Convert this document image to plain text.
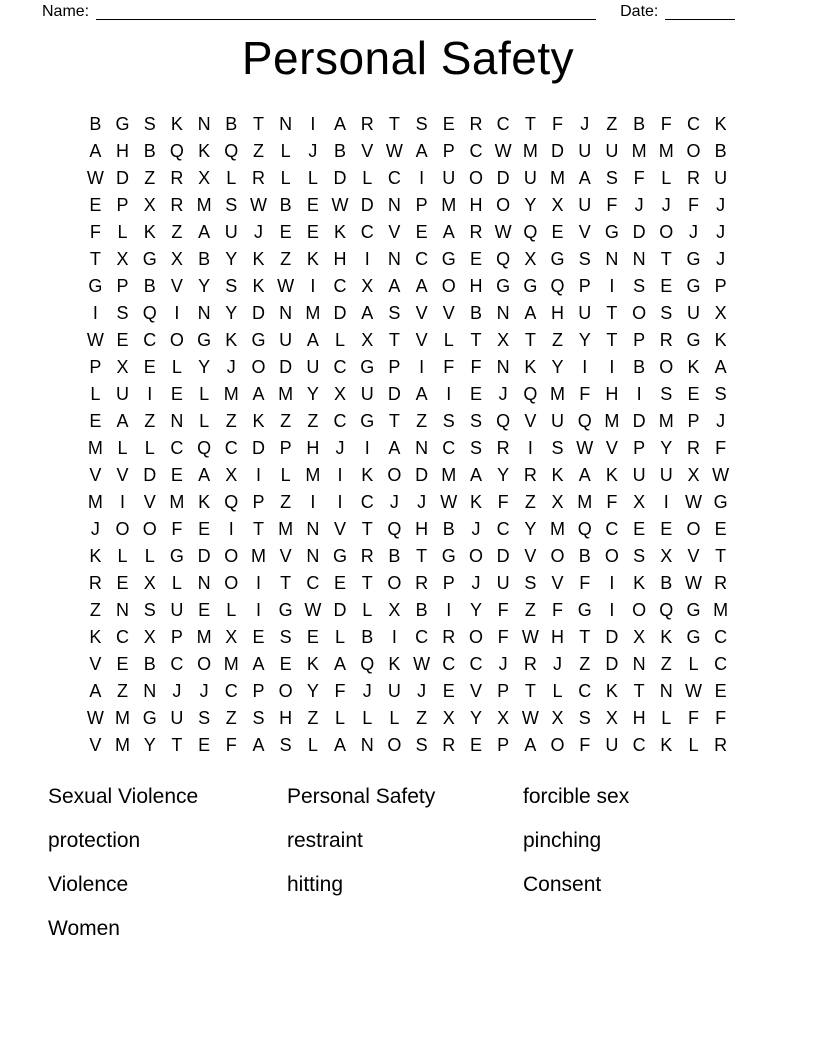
Name:	Date:
Personal Safety
B G S K N B T N	I	A R T S E R C T F J Z B F C K
A H B Q K Q Z L J B V W A P C W M D U U M M O B
W D Z R X L R L L D L C	I	U O D U M A S F L R U
E P X R M S W B E W D N P M H O Y X U F J	J F J
F L K Z A U J E E K C V E A R W Q E V G D O J	J
T X G X B Y K Z K H	I	N C G E Q X G S N N T G J
G P B V Y S K W I	C X A A O H G G Q P	I	S E G P
I	S Q I	N Y D N M D A S V V B N A H U T O S U X
W E C O G K G U A L X T V L T X T Z Y T P R G K
P X E L Y J O D U C G P	I	F F N K Y	I	I	B O K A
L U	I	E L M A M Y X U D A	I	E J Q M F H	I	S E S
E A Z N L Z K Z Z C G T Z S S Q V U Q M D M P J
M L L C Q C D P H J	I	A N C S R	I	S W V P Y R F
V V D E A X	I	L M I	K O D M A Y R K A K U U X W
M I	V M K Q P Z	I	I	C J	J W K F Z X M F X	I W G
J O O F E	I	T M N V T Q H B J C Y M Q C E E O E
K L L G D O M V N G R B T G O D V O B O S X V T
R E X L N O I	T C E T O R P J U S V F	I	K B W R
Z N S U E L	I G W D L X B	I	Y F Z F G I O Q G M
K C X P M X E S E L B	I	C R O F W H T D X K G C
V E B C O M A E K A Q K W C C J R J Z D N Z L C
A Z N J	J C P O Y F J U J E V P T L C K T N W E
W M G U S Z S H Z L L L Z X Y X W X S X H L F F
V M Y T E F A S L A N O S R E P A O F U C K L R
Sexual Violence	Personal Safety	forcible sex
protection	restraint	pinching
Violence	hitting	Consent
Women
